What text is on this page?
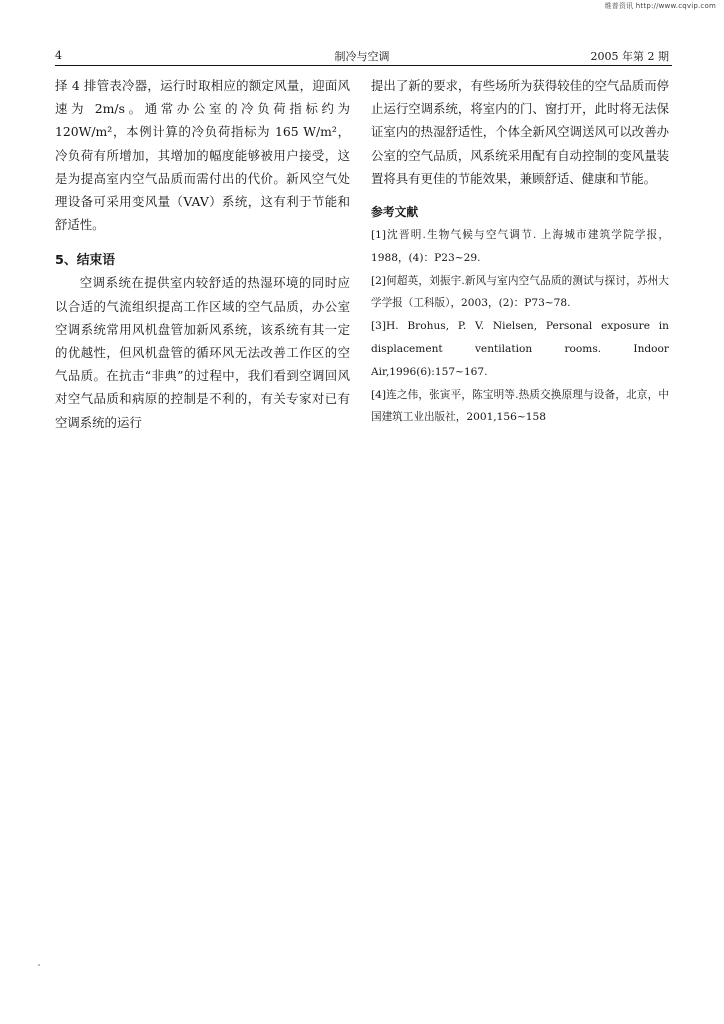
维普资讯 http://www.cqvip.com
4	制冷与空调	2005 年第 2 期

择 4 排管表冷器，运行时取相应的额定风量，迎面风速为 2m/s。通常办公室的冷负荷指标约为 120W/m²，本例计算的冷负荷指标为 165 W/m²，冷负荷有所增加，其增加的幅度能够被用户接受，这是为提高室内空气品质而需付出的代价。新风空气处理设备可采用变风量（VAV）系统，这有利于节能和舒适性。

5、结束语

空调系统在提供室内较舒适的热湿环境的同时应以合适的气流组织提高工作区域的空气品质，办公室空调系统常用风机盘管加新风系统，该系统有其一定的优越性，但风机盘管的循环风无法改善工作区的空气品质。在抗击“非典”的过程中，我们看到空调回风对空气品质和病原的控制是不利的，有关专家对已有空调系统的运行

提出了新的要求，有些场所为获得较佳的空气品质而停止运行空调系统，将室内的门、窗打开，此时将无法保证室内的热湿舒适性，个体全新风空调送风可以改善办公室的空气品质，风系统采用配有自动控制的变风量装置将具有更佳的节能效果，兼顾舒适、健康和节能。

参考文献
[1]沈晋明.生物气候与空气调节. 上海城市建筑学院学报，1988，(4)：P23~29.
[2]何超英，刘振宇.新风与室内空气品质的测试与探讨，苏州大学学报（工科版），2003，(2)：P73~78.
[3]H. Brohus, P. V. Nielsen, Personal exposure in displacement ventilation rooms. Indoor Air,1996(6):157~167.
[4]连之伟，张寅平，陈宝明等.热质交换原理与设备，北京，中国建筑工业出版社，2001,156~158
